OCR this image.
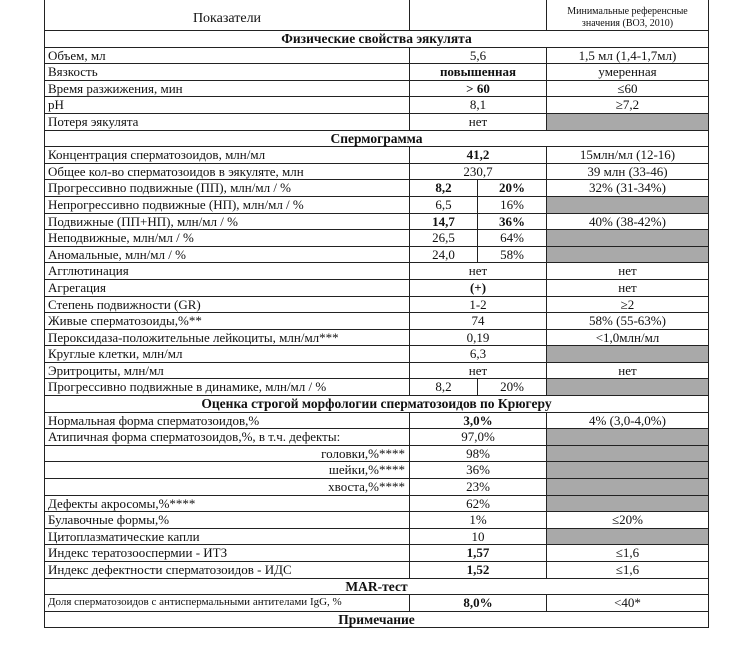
Показатели			Минимальные референсные значения (ВОЗ, 2010)
Физические свойства эякулята			
Объем, мл	5,6		1,5 мл (1,4-1,7мл)
Вязкость	повышенная		умеренная
Время разжижения, мин	> 60		≤60
pH	8,1		≥7,2
Потеря эякулята	нет		
Спермограмма			
Концентрация сперматозоидов, млн/мл	41,2		15млн/мл (12-16)
Общее кол-во сперматозоидов в эякуляте, млн	230,7		39 млн (33-46)
Прогрессивно подвижные (ПП), млн/мл / %	8,2	20%	32% (31-34%)
Непрогрессивно подвижные (НП), млн/мл / %	6,5	16%	
Подвижные (ПП+НП), млн/мл / %	14,7	36%	40% (38-42%)
Неподвижные, млн/мл / %	26,5	64%	
Аномальные, млн/мл / %	24,0	58%	
Агглютинация	нет		нет
Агрегация	(+)		нет
Степень подвижности (GR)	1-2		≥2
Живые сперматозоиды,%**	74		58% (55-63%)
Пероксидаза-положительные лейкоциты, млн/мл***	0,19		<1,0млн/мл
Круглые клетки, млн/мл	6,3		
Эритроциты, млн/мл	нет		нет
Прогрессивно подвижные в динамике, млн/мл / %	8,2	20%	
Оценка строгой морфологии сперматозоидов по Крюгеру			
Нормальная форма сперматозоидов,%	3,0%		4% (3,0-4,0%)
Атипичная форма сперматозоидов,%, в т.ч. дефекты:	97,0%		
головки,%****	98%		
шейки,%****	36%		
хвоста,%****	23%		
Дефекты акросомы,%****	62%		
Булавочные формы,%	1%		≤20%
Цитоплазматические капли	10		
Индекс тератозооспермии - ИТЗ	1,57		≤1,6
Индекс дефектности сперматозоидов - ИДС	1,52		≤1,6
MAR-тест			
Доля сперматозоидов с антиспермальными антителами IgG, %	8,0%		<40*
Примечание			
